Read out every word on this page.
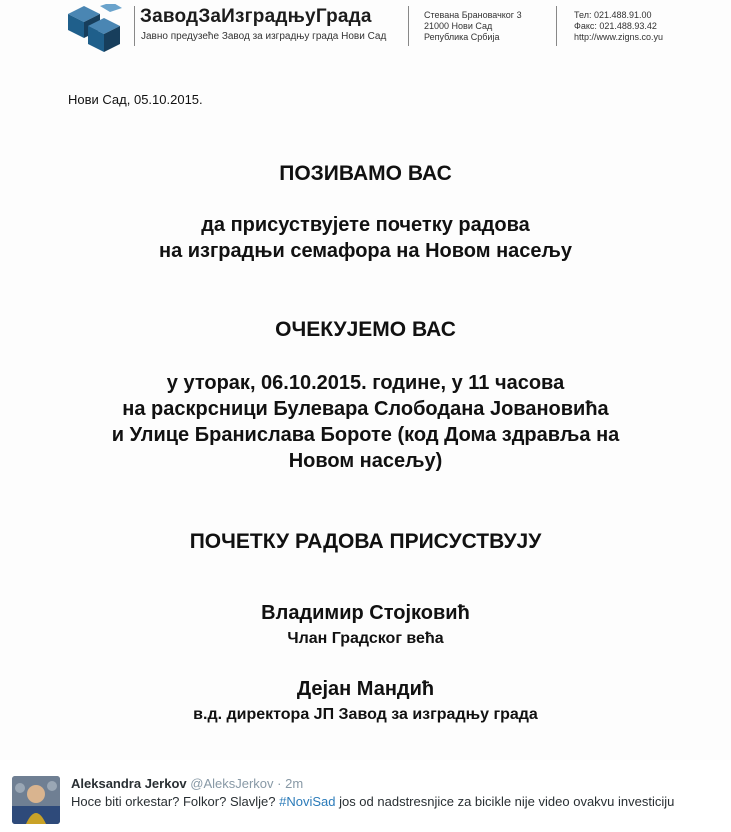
ЗаводЗаИзградњуГрада
Јавно предузеће Завод за изградњу града Нови Сад
Стевана Брановачког 3
21000 Нови Сад
Република Србија
Тел: 021.488.91.00
Факс: 021.488.93.42
http://www.zigns.co.yu
Нови Сад, 05.10.2015.
ПОЗИВАМО ВАС
да присуствујете почетку радова
на изградњи семафора на Новом насељу
ОЧЕКУЈЕМО ВАС
у уторак, 06.10.2015. године, у 11 часова
на раскрсници Булевара Слободана Јовановића
и Улице Бранислава Бороте (код Дома здравља на
Новом насељу)
ПОЧЕТКУ РАДОВА ПРИСУСТВУЈУ
Владимир Стојковић
Члан Градског већа
Дејан Мандић
в.д. директора ЈП Завод за изградњу града
Aleksandra Jerkov @AleksJerkov · 2m
Hoce biti orkestar? Folkor? Slavlje? #NoviSad jos od nadstresnjice za bicikle nije video ovakvu investiciju
